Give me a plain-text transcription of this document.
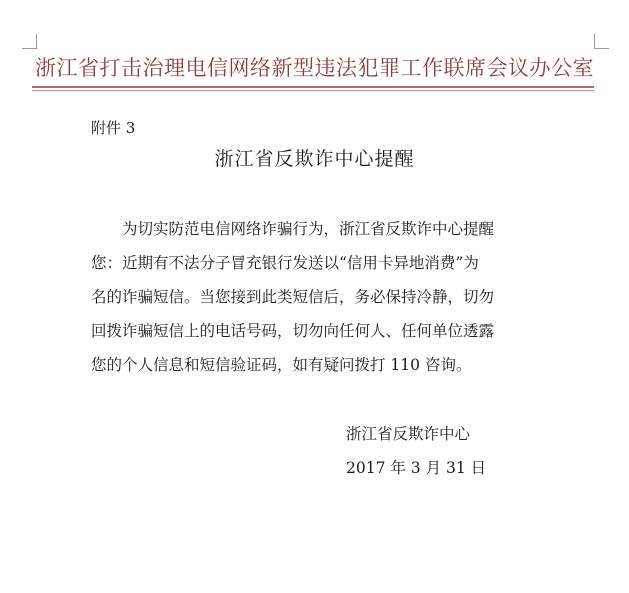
浙江省打击治理电信网络新型违法犯罪工作联席会议办公室
附件 3
浙江省反欺诈中心提醒
为切实防范电信网络诈骗行为，浙江省反欺诈中心提醒
您：近期有不法分子冒充银行发送以“信用卡异地消费”为
名的诈骗短信。当您接到此类短信后，务必保持冷静，切勿
回拨诈骗短信上的电话号码，切勿向任何人、任何单位透露
您的个人信息和短信验证码，如有疑问拨打 110 咨询。
浙江省反欺诈中心
2017 年 3 月 31 日
